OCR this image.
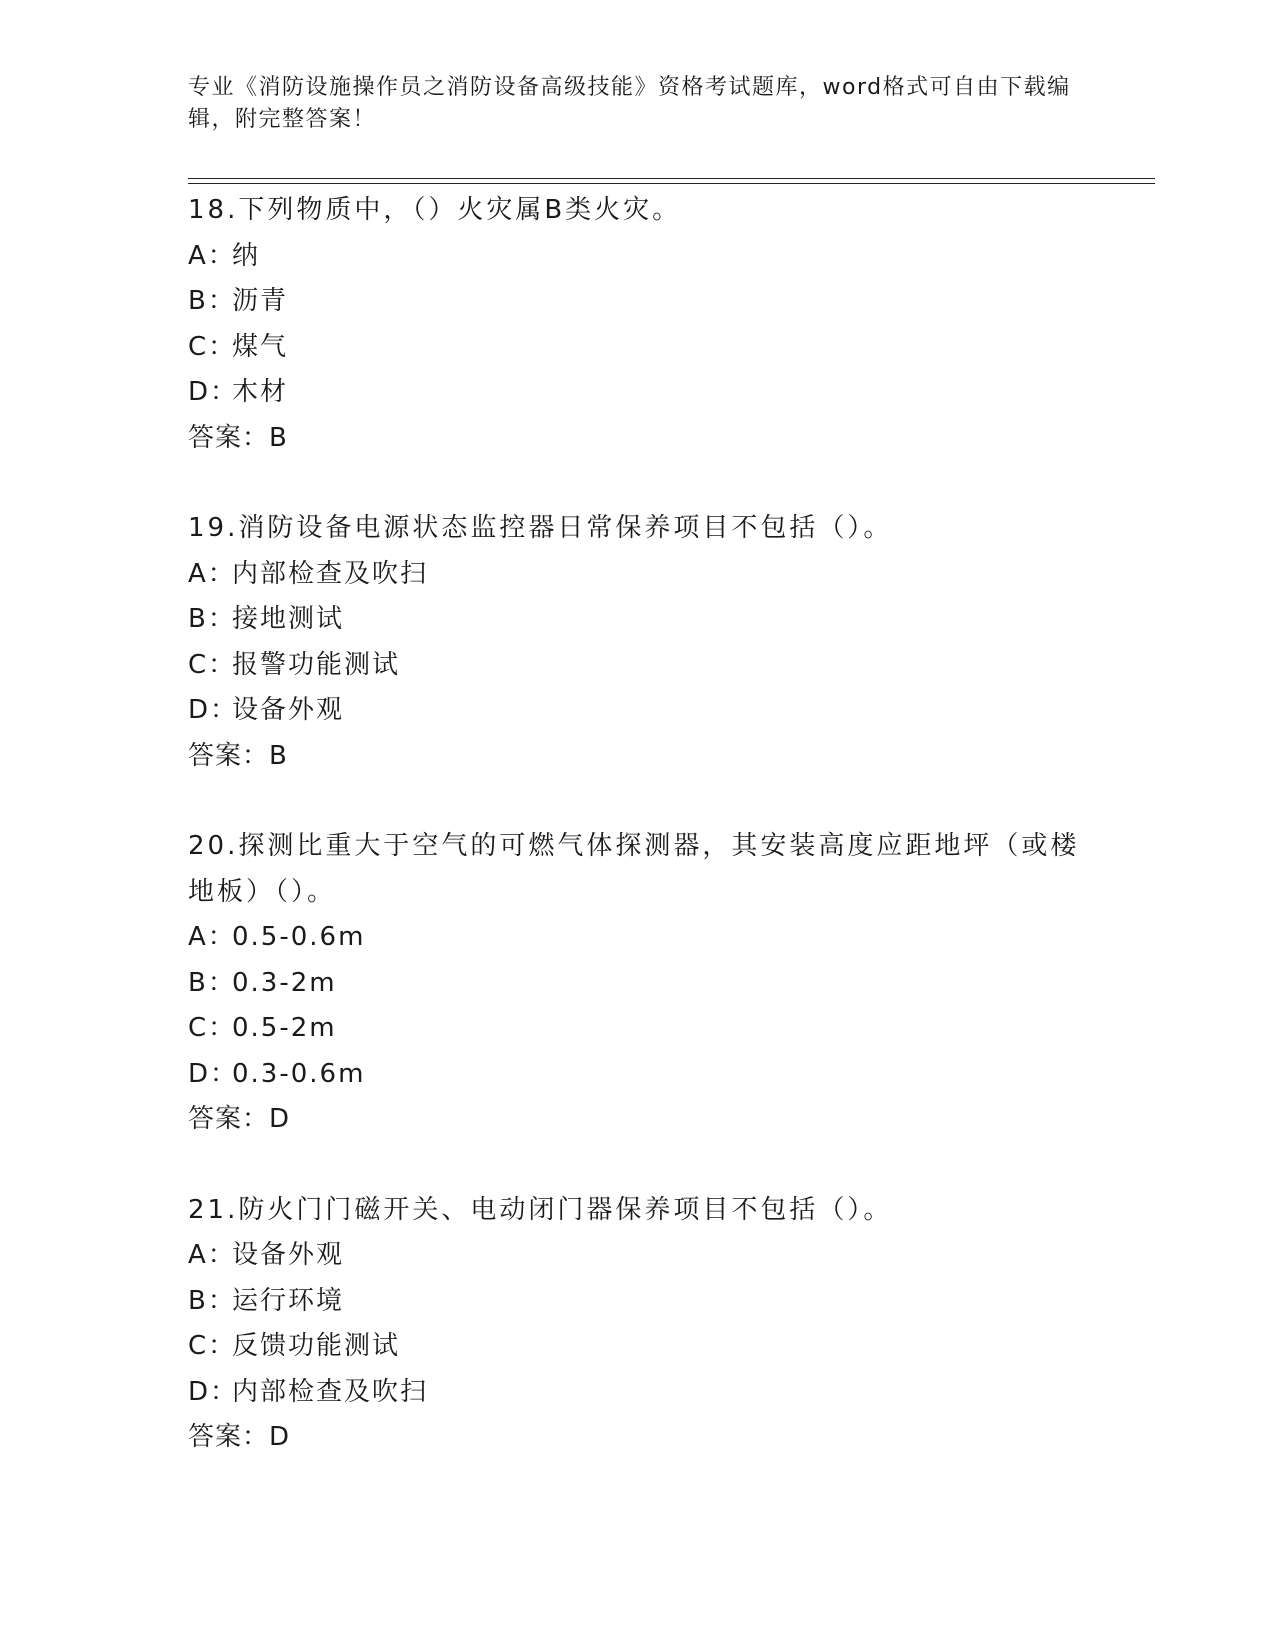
专业《消防设施操作员之消防设备高级技能》资格考试题库，word格式可自由下载编辑，附完整答案！

18.下列物质中，（）火灾属B类火灾。

A：纳
B：沥青
C：煤气
D：木材
答案：B

19.消防设备电源状态监控器日常保养项目不包括（）。

A：内部检查及吹扫
B：接地测试
C：报警功能测试
D：设备外观
答案：B

20.探测比重大于空气的可燃气体探测器，其安装高度应距地坪（或楼地板）（）。

A：0.5-0.6m
B：0.3-2m
C：0.5-2m
D：0.3-0.6m
答案：D

21.防火门门磁开关、电动闭门器保养项目不包括（）。

A：设备外观
B：运行环境
C：反馈功能测试
D：内部检查及吹扫
答案：D
